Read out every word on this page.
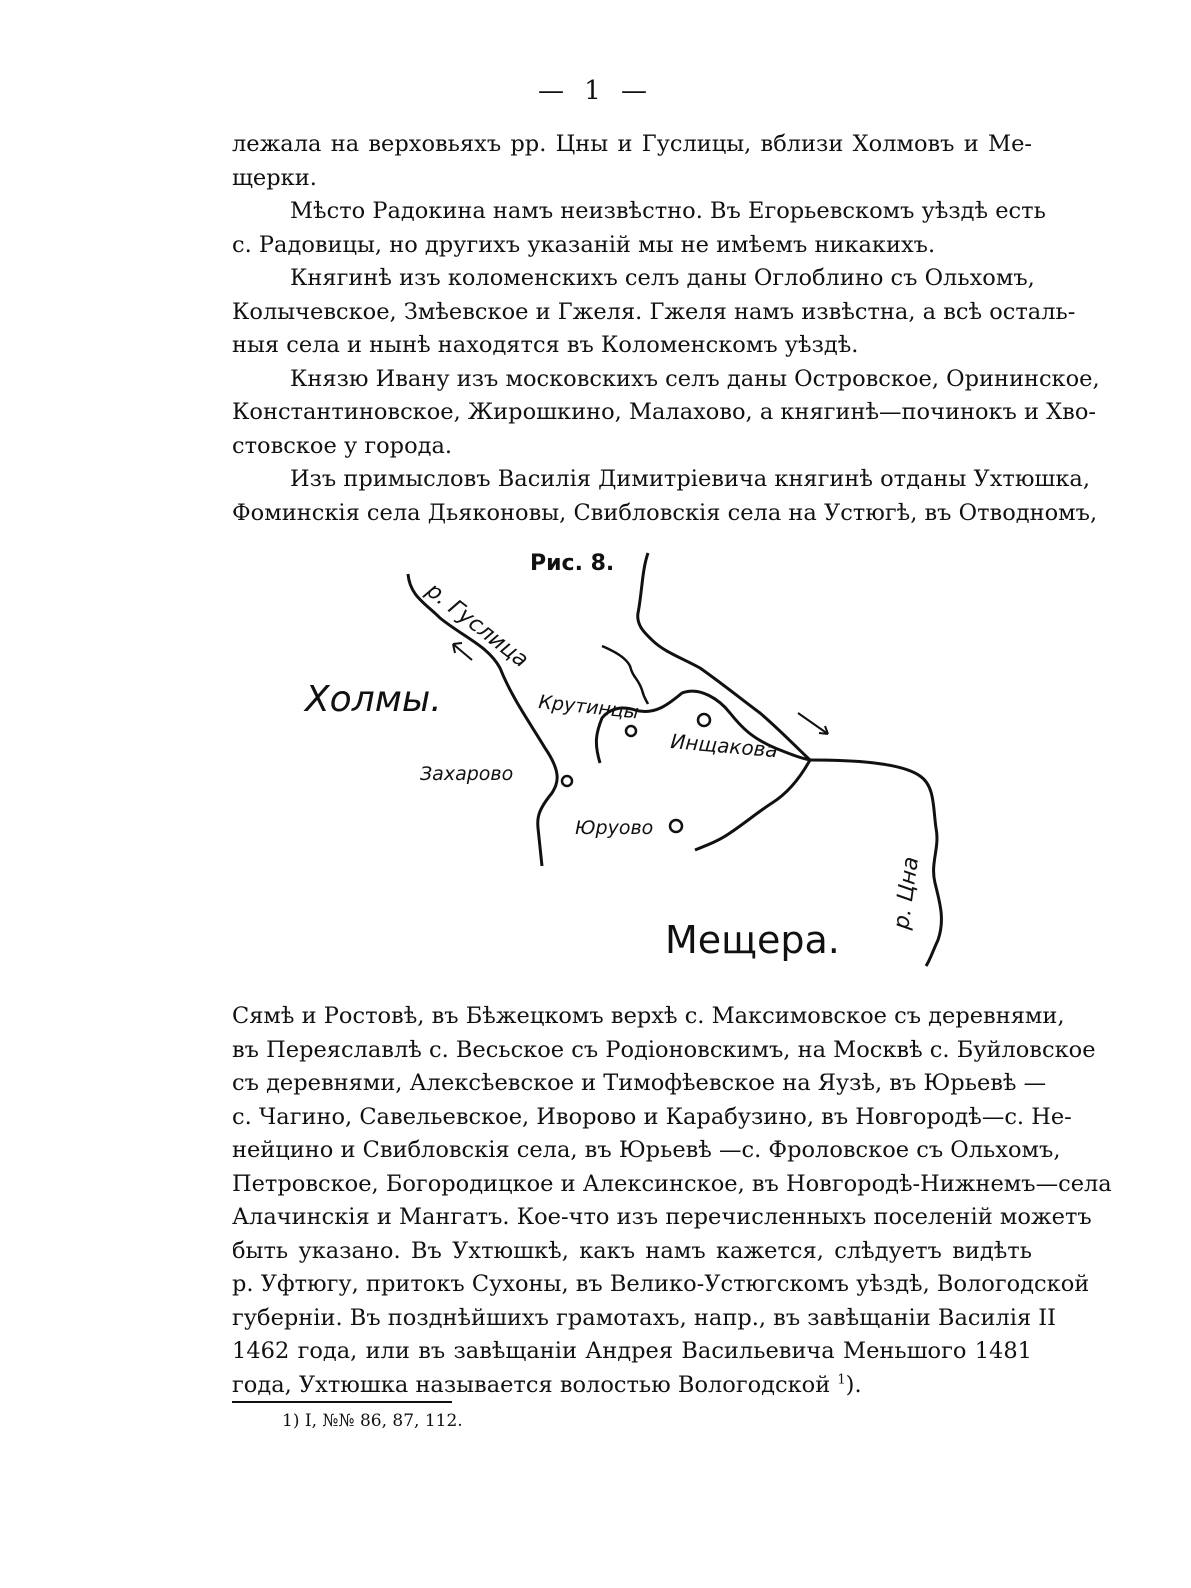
— 1 —
лежала на верховьяхъ рр. Цны и Гуслицы, вблизи Холмовъ и Ме-
щерки.
Мѣсто Радокина намъ неизвѣстно. Въ Егорьевскомъ уѣздѣ есть
с. Радовицы, но другихъ указаній мы не имѣемъ никакихъ.
Княгинѣ изъ коломенскихъ селъ даны Оглоблино съ Ольхомъ,
Колычевское, Змѣевское и Гжеля. Гжеля намъ извѣстна, а всѣ осталь-
ныя села и нынѣ находятся въ Коломенскомъ уѣздѣ.
Князю Ивану изъ московскихъ селъ даны Островское, Орининское,
Константиновское, Жирошкино, Малахово, а княгинѣ—починокъ и Хво-
стовское у города.
Изъ примысловъ Василія Димитріевича княгинѣ отданы Ухтюшка,
Фоминскія села Дьяконовы, Свибловскія села на Устюгѣ, въ Отводномъ,
Рис. 8.
р. Гуслица
Холмы.	Крутинцы
Инщакова
Захарово
Юрyово
р. Цна
Мещера.
Сямѣ и Ростовѣ, въ Бѣжецкомъ верхѣ с. Максимовское съ деревнями,
въ Переяславлѣ с. Весьское съ Родіоновскимъ, на Москвѣ с. Буйловское
съ деревнями, Алексѣевское и Тимофѣевское на Яузѣ, въ Юрьевѣ —
с. Чагино, Савельевское, Иворово и Карабузино, въ Новгородѣ—с. Не-
нейцино и Свибловскія села, въ Юрьевѣ —с. Фроловское съ Ольхомъ,
Петровское, Богородицкое и Алексинское, въ Новгородѣ-Нижнемъ—села
Алачинскія и Мангатъ. Кое-что изъ перечисленныхъ поселеній можетъ
быть указано. Въ Ухтюшкѣ, какъ намъ кажется, слѣдуетъ видѣть
р. Уфтюгу, притокъ Сухоны, въ Велико-Устюгскомъ уѣздѣ, Вологодской
губерніи. Въ позднѣйшихъ грамотахъ, напр., въ завѣщаніи Василія II
1462 года, или въ завѣщаніи Андрея Васильевича Меньшого 1481
года, Ухтюшка называется волостью Вологодской $^1$).
1) I, №№ 86, 87, 112.
